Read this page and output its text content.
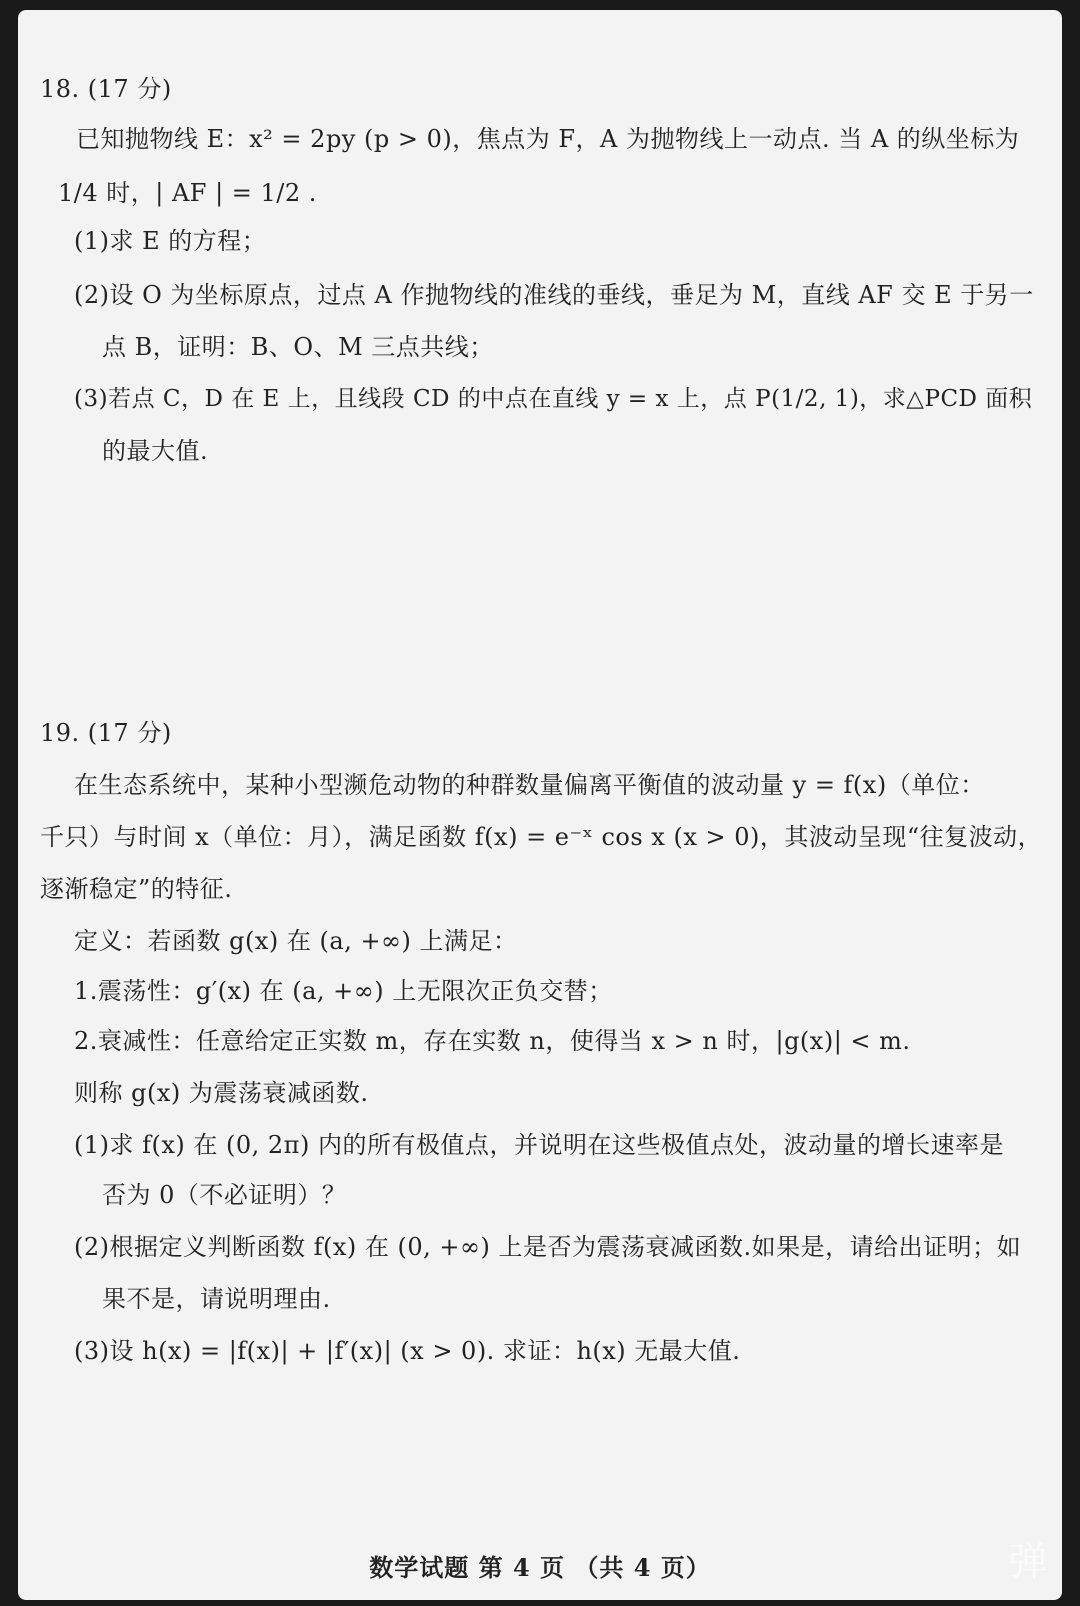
18. (17 分)
已知抛物线 E：x² = 2py (p > 0)，焦点为 F，A 为抛物线上一动点. 当 A 的纵坐标为
1/4 时，| AF | = 1/2 .
(1)求 E 的方程；
(2)设 O 为坐标原点，过点 A 作抛物线的准线的垂线，垂足为 M，直线 AF 交 E 于另一
点 B，证明：B、O、M 三点共线；
(3)若点 C，D 在 E 上，且线段 CD 的中点在直线 y = x 上，点 P(1/2, 1)，求△PCD 面积
的最大值.
19. (17 分)
在生态系统中，某种小型濒危动物的种群数量偏离平衡值的波动量 y = f(x)（单位：
千只）与时间 x（单位：月），满足函数 f(x) = e⁻ˣ cos x (x > 0)，其波动呈现“往复波动，
逐渐稳定”的特征.
定义：若函数 g(x) 在 (a, +∞) 上满足：
1.震荡性：g′(x) 在 (a, +∞) 上无限次正负交替；
2.衰减性：任意给定正实数 m，存在实数 n，使得当 x > n 时，|g(x)| < m.
则称 g(x) 为震荡衰减函数.
(1)求 f(x) 在 (0, 2π) 内的所有极值点，并说明在这些极值点处，波动量的增长速率是
否为 0（不必证明）？
(2)根据定义判断函数 f(x) 在 (0, +∞) 上是否为震荡衰减函数.如果是，请给出证明；如
果不是，请说明理由.
(3)设 h(x) = |f(x)| + |f′(x)| (x > 0). 求证：h(x) 无最大值.
数学试题 第 4 页 （共 4 页）	弹
